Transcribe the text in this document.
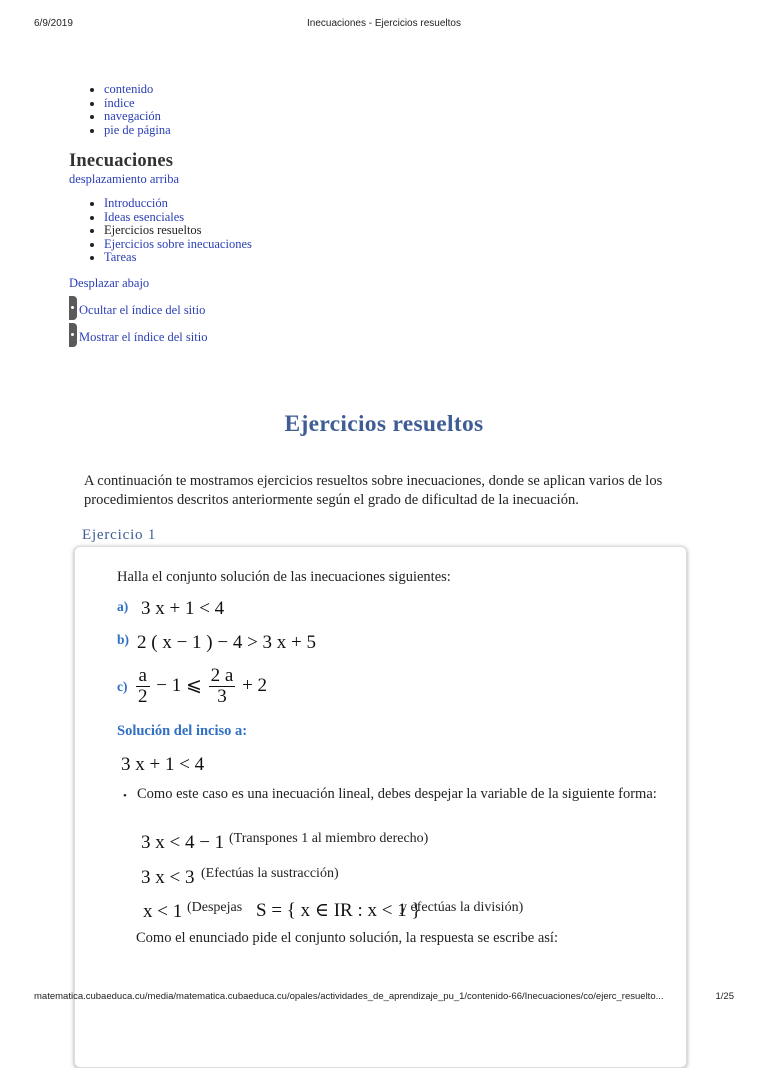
6/9/2019	Inecuaciones - Ejercicios resueltos
• contenido
• índice
• navegación
• pie de página
Inecuaciones
desplazamiento arriba
• Introducción
• Ideas esenciales
• Ejercicios resueltos
• Ejercicios sobre inecuaciones
• Tareas
Desplazar abajo
Ocultar el índice del sitio
Mostrar el índice del sitio
Ejercicios resueltos

A continuación te mostramos ejercicios resueltos sobre inecuaciones, donde se aplican varios de los procedimientos descritos anteriormente según el grado de dificultad de la inecuación.

Ejercicio 1
Halla el conjunto solución de las inecuaciones siguientes:
a) 3 x + 1 < 4
b) 2 ( x − 1 ) − 4 > 3 x + 5
$c) \frac{a}{2} - 1$ ⩽ $\frac{2 a}{3} + 2$
Solución del inciso a:
3 x + 1 < 4
• Como este caso es una inecuación lineal, debes despejar la variable de la siguiente forma:
3 x < 4 − 1 (Transpones 1 al miembro derecho)
3 x < 3 (Efectúas la sustracción)
x < 1 (Despejas S = { x ∈ IR : x < 1 }
y efectúas la división)
Como el enunciado pide el conjunto solución, la respuesta se escribe así:
matematica.cubaeduca.cu/media/matematica.cubaeduca.cu/opales/actividades_de_aprendizaje_pu_1/contenido-66/Inecuaciones/co/ejerc_resuelto...	1/25
